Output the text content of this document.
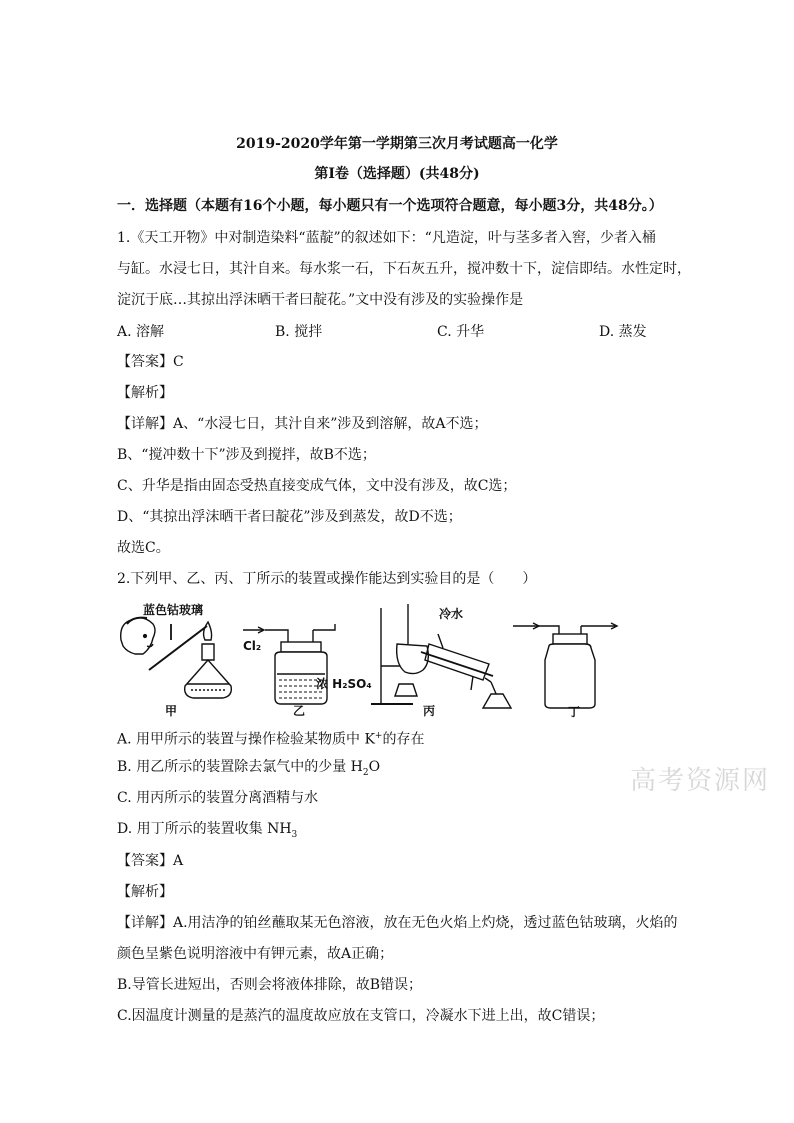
2019-2020学年第一学期第三次月考试题高一化学
第Ⅰ卷（选择题）(共48分)
一．选择题（本题有16个小题，每小题只有一个选项符合题意，每小题3分，共48分。）
1.《天工开物》中对制造染料“蓝靛”的叙述如下：“凡造淀，叶与茎多者入窖，少者入桶
与缸。水浸七日，其汁自来。每水浆一石，下石灰五升，搅冲数十下，淀信即结。水性定时，
淀沉于底…其掠出浮沫晒干者曰靛花。”文中没有涉及的实验操作是
A. 溶解	B. 搅拌	C. 升华	D. 蒸发
【答案】C
【解析】
【详解】A、“水浸七日，其汁自来”涉及到溶解，故A不选；
B、“搅冲数十下”涉及到搅拌，故B不选；
C、升华是指由固态受热直接变成气体，文中没有涉及，故C选；
D、“其掠出浮沫晒干者曰靛花”涉及到蒸发，故D不选；
故选C。
2.下列甲、乙、丙、丁所示的装置或操作能达到实验目的是（　　）
蓝色钴玻璃
甲
Cl₂
浓 H₂SO₄
乙
冷水
丙	丁
A. 用甲所示的装置与操作检验某物质中 K+的存在
B. 用乙所示的装置除去氯气中的少量 $H_2O$
C. 用丙所示的装置分离酒精与水
D. 用丁所示的装置收集 $NH_3$
【答案】A
【解析】
【详解】A.用洁净的铂丝蘸取某无色溶液，放在无色火焰上灼烧，透过蓝色钴玻璃，火焰的
颜色呈紫色说明溶液中有钾元素，故A正确；
B.导管长进短出，否则会将液体排除，故B错误；
C.因温度计测量的是蒸汽的温度故应放在支管口，冷凝水下进上出，故C错误；
高考资源网
